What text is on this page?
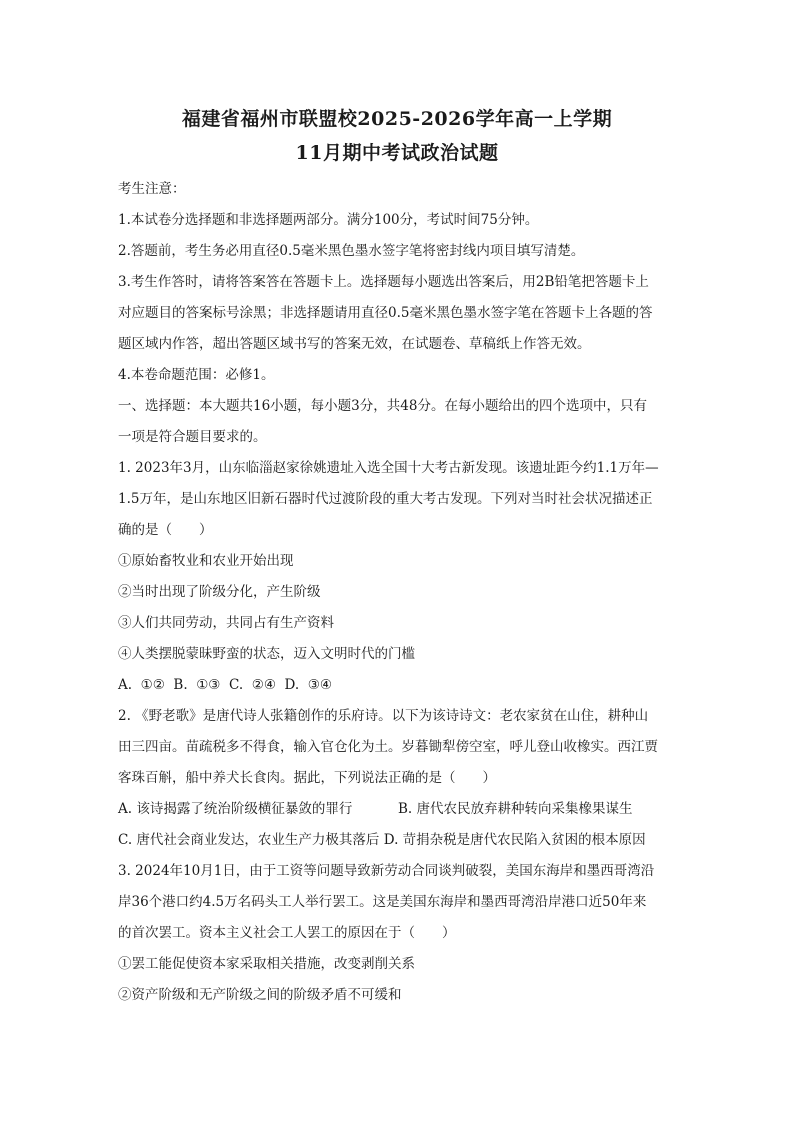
福建省福州市联盟校2025-2026学年高一上学期
11月期中考试政治试题
考生注意：
1.本试卷分选择题和非选择题两部分。满分100分，考试时间75分钟。
2.答题前，考生务必用直径0.5毫米黑色墨水签字笔将密封线内项目填写清楚。
3.考生作答时，请将答案答在答题卡上。选择题每小题选出答案后，用2B铅笔把答题卡上
对应题目的答案标号涂黑；非选择题请用直径0.5毫米黑色墨水签字笔在答题卡上各题的答
题区域内作答，超出答题区域书写的答案无效，在试题卷、草稿纸上作答无效。
4.本卷命题范围：必修1。
一、选择题：本大题共16小题，每小题3分，共48分。在每小题给出的四个选项中，只有
一项是符合题目要求的。
1. 2023年3月，山东临淄赵家徐姚遗址入选全国十大考古新发现。该遗址距今约1.1万年—
1.5万年，是山东地区旧新石器时代过渡阶段的重大考古发现。下列对当时社会状况描述正
确的是（　　）
①原始畜牧业和农业开始出现
②当时出现了阶级分化，产生阶级
③人们共同劳动，共同占有生产资料
④人类摆脱蒙昧野蛮的状态，迈入文明时代的门槛
A.  ①②  B.  ①③  C.  ②④  D.  ③④
2. 《野老歌》是唐代诗人张籍创作的乐府诗。以下为该诗诗文：老农家贫在山住，耕种山
田三四亩。苗疏税多不得食，输入官仓化为土。岁暮锄犁傍空室，呼儿登山收橡实。西江贾
客珠百斛，船中养犬长食肉。据此，下列说法正确的是（　　）
A. 该诗揭露了统治阶级横征暴敛的罪行	B. 唐代农民放弃耕种转向采集橡果谋生
C. 唐代社会商业发达，农业生产力极其落后 D. 苛捐杂税是唐代农民陷入贫困的根本原因
3. 2024年10月1日，由于工资等问题导致新劳动合同谈判破裂，美国东海岸和墨西哥湾沿
岸36个港口约4.5万名码头工人举行罢工。这是美国东海岸和墨西哥湾沿岸港口近50年来
的首次罢工。资本主义社会工人罢工的原因在于（　　）
①罢工能促使资本家采取相关措施，改变剥削关系
②资产阶级和无产阶级之间的阶级矛盾不可缓和
